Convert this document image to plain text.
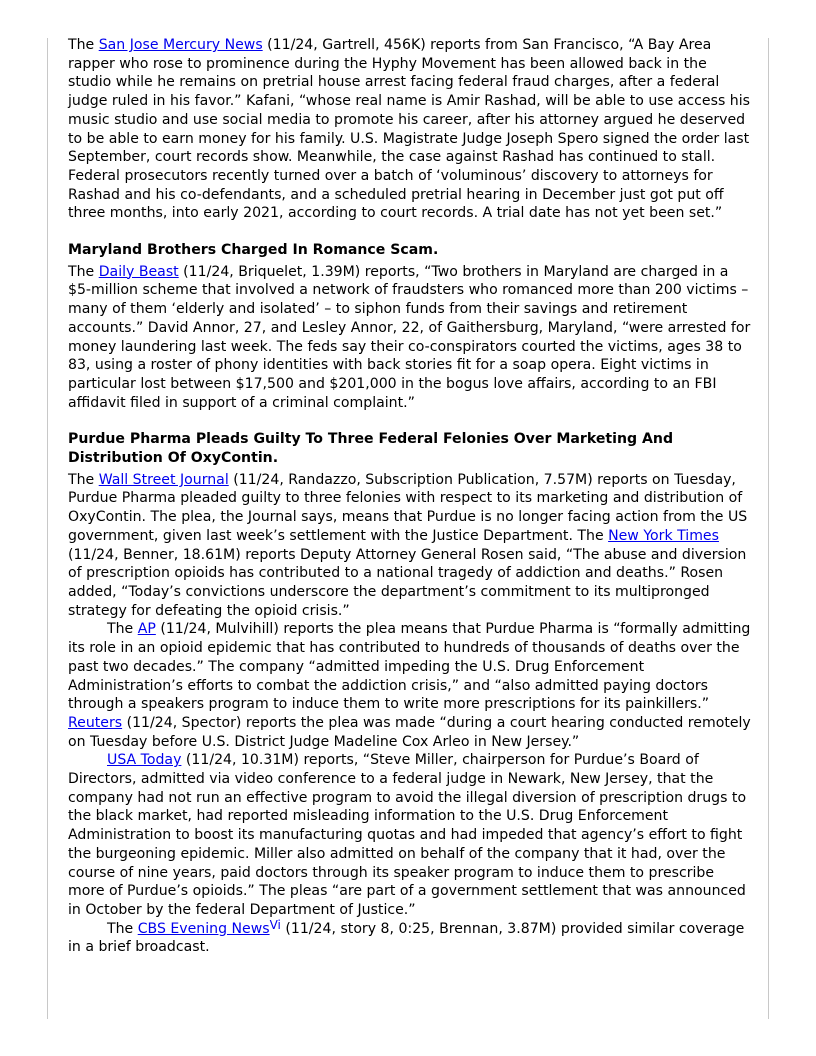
The San Jose Mercury News (11/24, Gartrell, 456K) reports from San Francisco, “A Bay Area rapper who rose to prominence during the Hyphy Movement has been allowed back in the studio while he remains on pretrial house arrest facing federal fraud charges, after a federal judge ruled in his favor.” Kafani, “whose real name is Amir Rashad, will be able to use access his music studio and use social media to promote his career, after his attorney argued he deserved to be able to earn money for his family. U.S. Magistrate Judge Joseph Spero signed the order last September, court records show. Meanwhile, the case against Rashad has continued to stall. Federal prosecutors recently turned over a batch of ‘voluminous’ discovery to attorneys for Rashad and his co-defendants, and a scheduled pretrial hearing in December just got put off three months, into early 2021, according to court records. A trial date has not yet been set.”

Maryland Brothers Charged In Romance Scam.

The Daily Beast (11/24, Briquelet, 1.39M) reports, “Two brothers in Maryland are charged in a $5-million scheme that involved a network of fraudsters who romanced more than 200 victims – many of them ‘elderly and isolated’ – to siphon funds from their savings and retirement accounts.” David Annor, 27, and Lesley Annor, 22, of Gaithersburg, Maryland, “were arrested for money laundering last week. The feds say their co-conspirators courted the victims, ages 38 to 83, using a roster of phony identities with back stories fit for a soap opera. Eight victims in particular lost between $17,500 and $201,000 in the bogus love affairs, according to an FBI affidavit filed in support of a criminal complaint.”

Purdue Pharma Pleads Guilty To Three Federal Felonies Over Marketing And Distribution Of OxyContin.

The Wall Street Journal (11/24, Randazzo, Subscription Publication, 7.57M) reports on Tuesday, Purdue Pharma pleaded guilty to three felonies with respect to its marketing and distribution of OxyContin. The plea, the Journal says, means that Purdue is no longer facing action from the US government, given last week’s settlement with the Justice Department. The New York Times (11/24, Benner, 18.61M) reports Deputy Attorney General Rosen said, “The abuse and diversion of prescription opioids has contributed to a national tragedy of addiction and deaths.” Rosen added, “Today’s convictions underscore the department’s commitment to its multipronged strategy for defeating the opioid crisis.”

The AP (11/24, Mulvihill) reports the plea means that Purdue Pharma is “formally admitting its role in an opioid epidemic that has contributed to hundreds of thousands of deaths over the past two decades.” The company “admitted impeding the U.S. Drug Enforcement Administration’s efforts to combat the addiction crisis,” and “also admitted paying doctors through a speakers program to induce them to write more prescriptions for its painkillers.” Reuters (11/24, Spector) reports the plea was made “during a court hearing conducted remotely on Tuesday before U.S. District Judge Madeline Cox Arleo in New Jersey.”

USA Today (11/24, 10.31M) reports, “Steve Miller, chairperson for Purdue’s Board of Directors, admitted via video conference to a federal judge in Newark, New Jersey, that the company had not run an effective program to avoid the illegal diversion of prescription drugs to the black market, had reported misleading information to the U.S. Drug Enforcement Administration to boost its manufacturing quotas and had impeded that agency’s effort to fight the burgeoning epidemic. Miller also admitted on behalf of the company that it had, over the course of nine years, paid doctors through its speaker program to induce them to prescribe more of Purdue’s opioids.” The pleas “are part of a government settlement that was announced in October by the federal Department of Justice.”

The CBS Evening News$^{Vi}$ (11/24, story 8, 0:25, Brennan, 3.87M) provided similar coverage in a brief broadcast.
